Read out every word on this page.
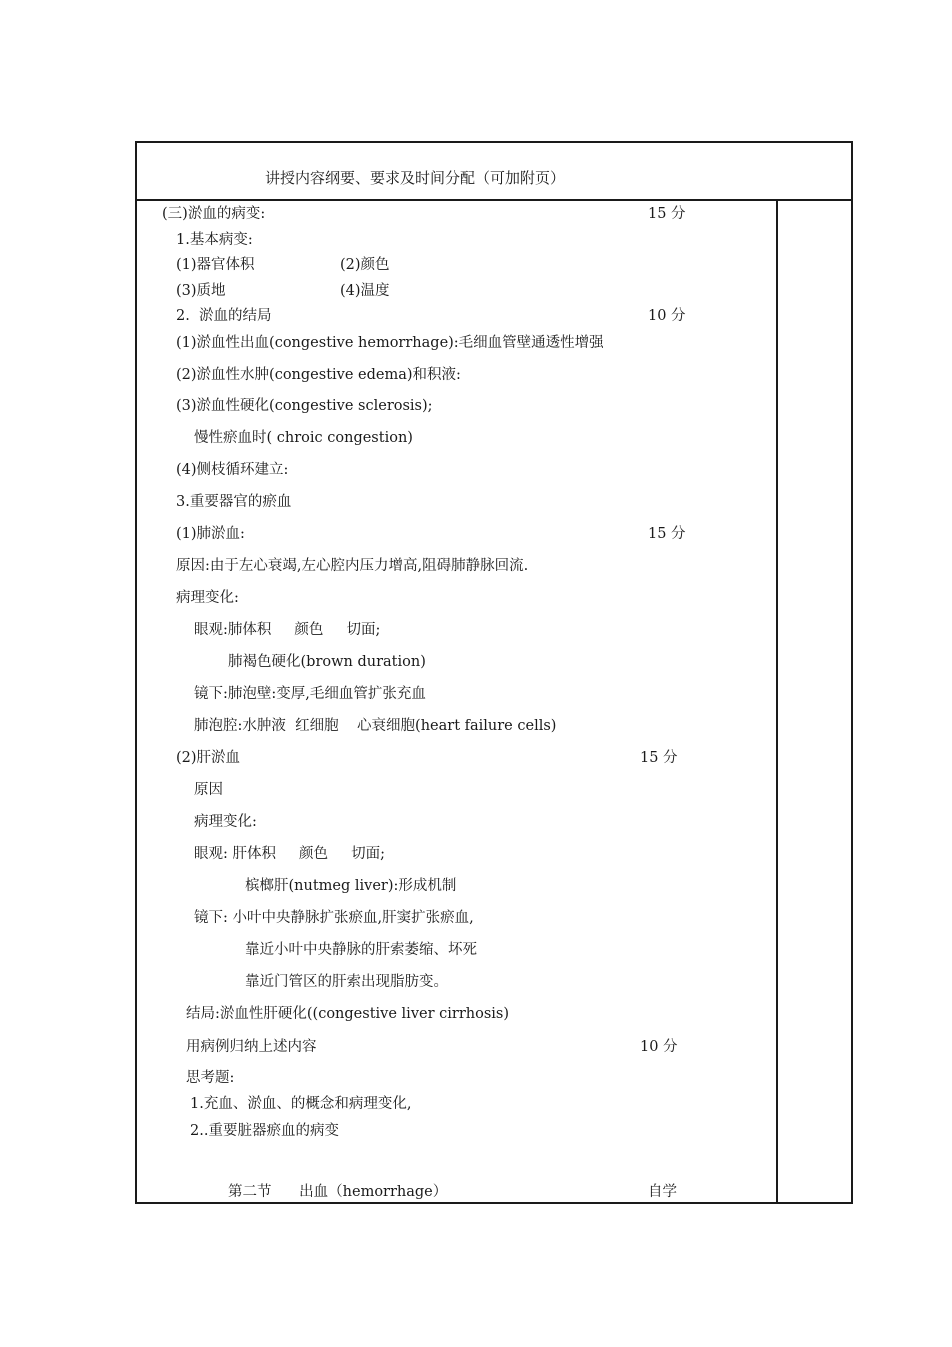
讲授内容纲要、要求及时间分配（可加附页）
(三)淤血的病变:
1.基本病变:
(1)器官体积	(2)颜色
(3)质地	(4)温度
2.  淤血的结局
(1)淤血性出血(congestive hemorrhage):毛细血管壁通透性增强
(2)淤血性水肿(congestive edema)和积液:
(3)淤血性硬化(congestive sclerosis);
慢性瘀血时( chroic congestion)
(4)侧枝循环建立:
3.重要器官的瘀血
(1)肺淤血:
原因:由于左心衰竭,左心腔内压力增高,阻碍肺静脉回流.
病理变化:
眼观:肺体积     颜色     切面;
肺褐色硬化(brown duration)
镜下:肺泡壁:变厚,毛细血管扩张充血
肺泡腔:水肿液  红细胞    心衰细胞(heart failure cells)
(2)肝淤血
原因
病理变化:
眼观: 肝体积     颜色     切面;
槟榔肝(nutmeg liver):形成机制
镜下: 小叶中央静脉扩张瘀血,肝窦扩张瘀血,
靠近小叶中央静脉的肝索萎缩、坏死
靠近门管区的肝索出现脂肪变。
结局:淤血性肝硬化((congestive liver cirrhosis)
用病例归纳上述内容
思考题:
1.充血、淤血、的概念和病理变化,
2..重要脏器瘀血的病变
第二节      出血（hemorrhage）
15 分
10 分
15 分
15 分
10 分
自学
